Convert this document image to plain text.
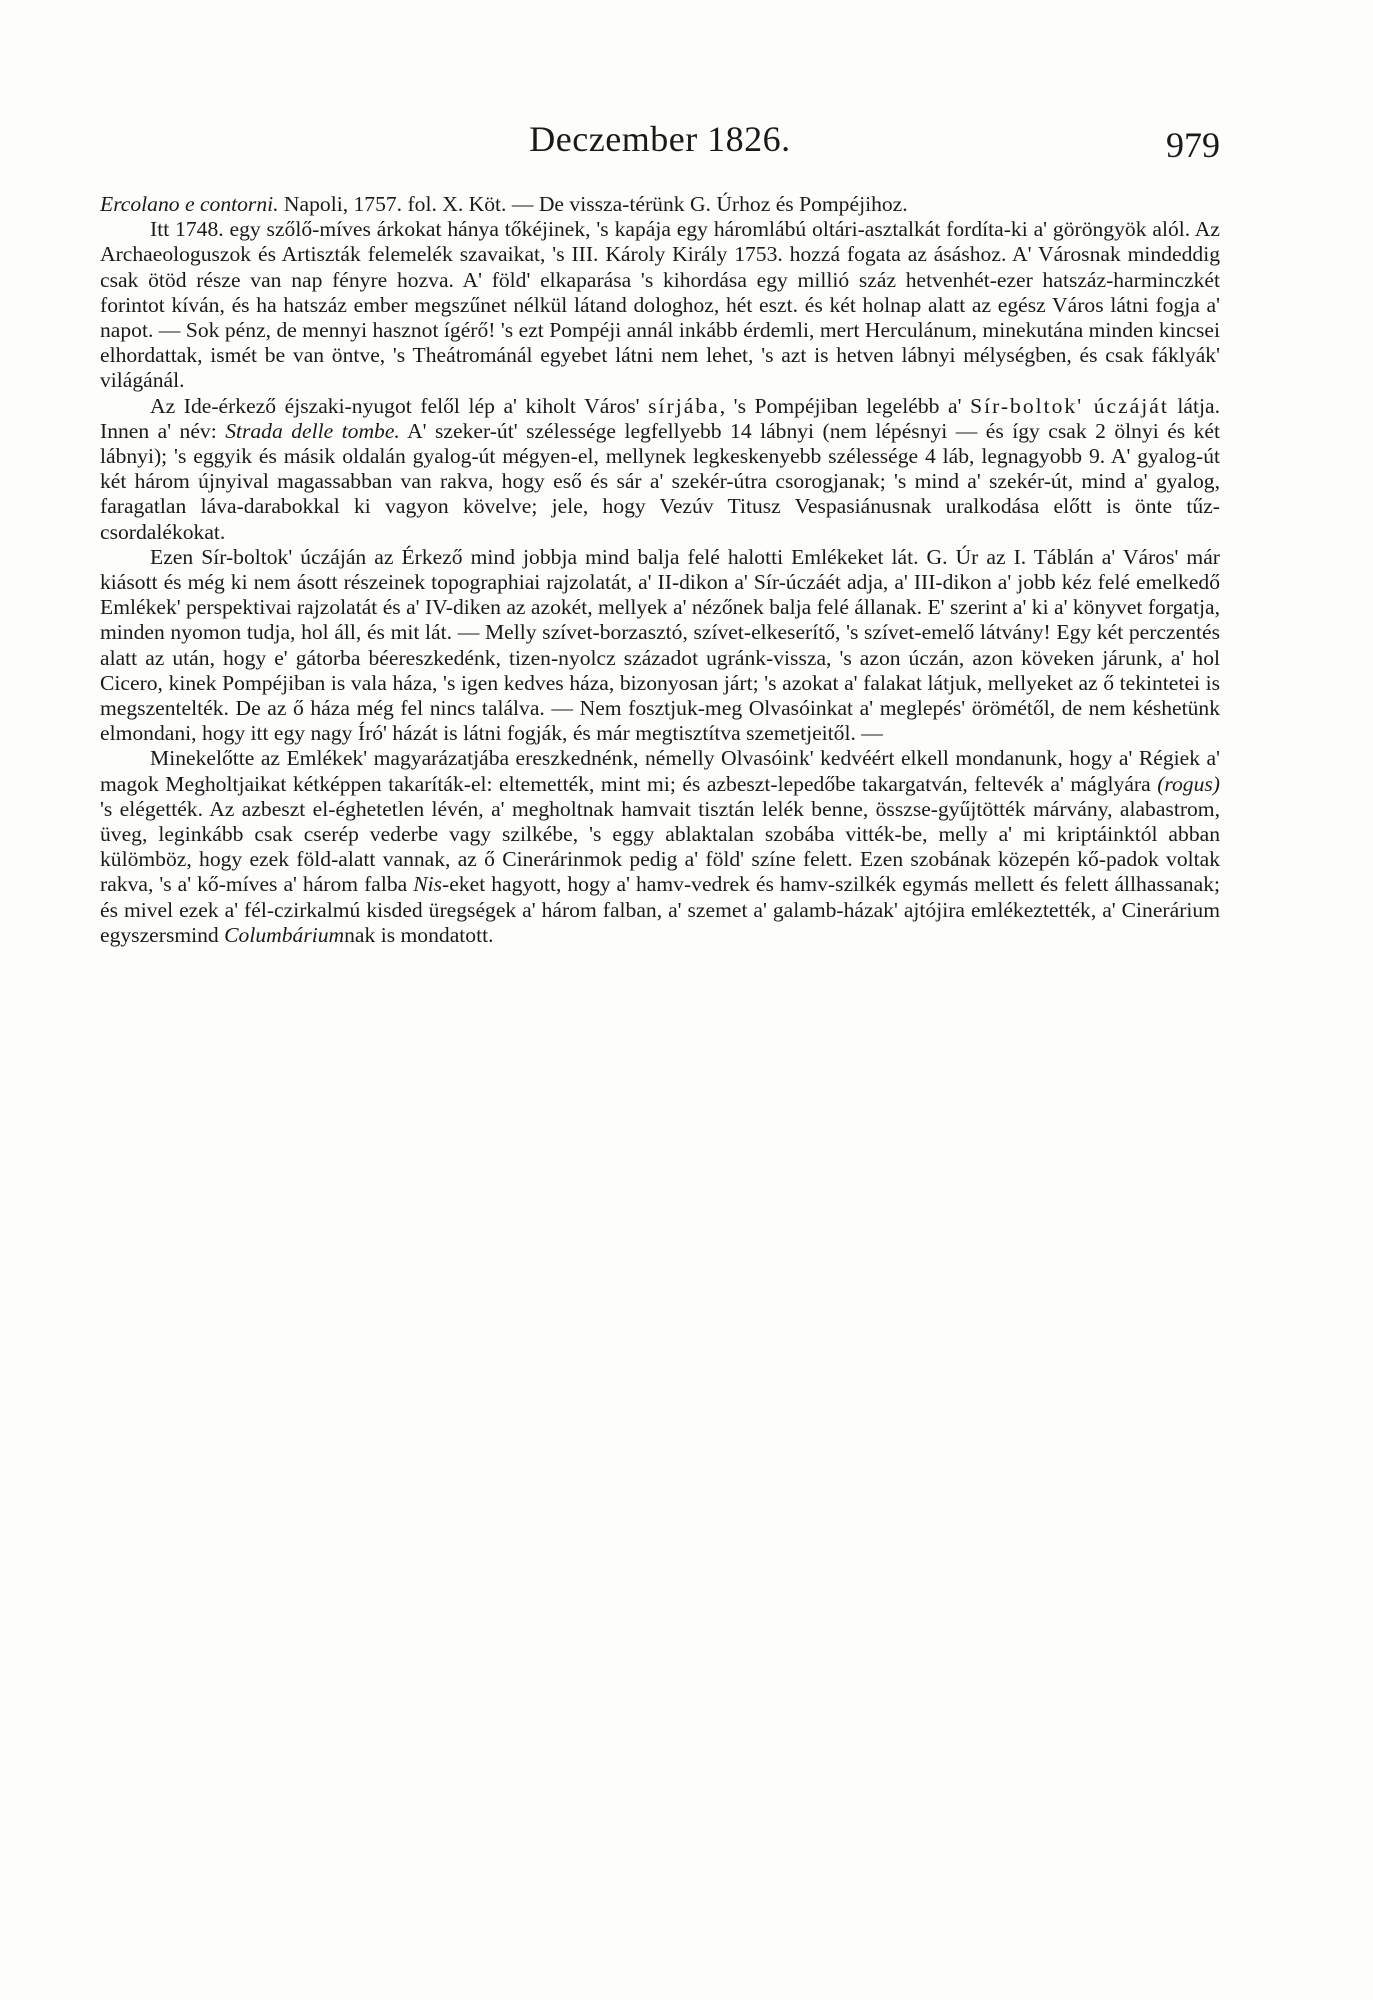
Deczember 1826.	979

Ercolano e contorni. Napoli, 1757. fol. X. Köt. — De vissza-térünk G. Úrhoz és Pompéjihoz.

Itt 1748. egy szőlő-míves árkokat hánya tőkéjinek, 's kapája egy háromlábú oltári-asztalkát fordíta-ki a' göröngyök alól. Az Archaeologuszok és Artiszták felemelék szavaikat, 's III. Károly Király 1753. hozzá fogata az ásáshoz. A' Városnak mindeddig csak ötöd része van nap fényre hozva. A' föld' elkaparása 's kihordása egy millió száz hetvenhét-ezer hatszáz-harminczkét forintot kíván, és ha hatszáz ember megszűnet nélkül látand dologhoz, hét eszt. és két holnap alatt az egész Város látni fogja a' napot. — Sok pénz, de mennyi hasznot ígérő! 's ezt Pompéji annál inkább érdemli, mert Herculánum, minekutána minden kincsei elhordattak, ismét be van öntve, 's Theátrománál egyebet látni nem lehet, 's azt is hetven lábnyi mélységben, és csak fáklyák' világánál.

Az Ide-érkező éjszaki-nyugot felől lép a' kiholt Város' sírjába, 's Pompéjiban legelébb a' Sír-boltok' úczáját látja. Innen a' név: Strada delle tombe. A' szeker-út' szélessége legfellyebb 14 lábnyi (nem lépésnyi — és így csak 2 ölnyi és két lábnyi); 's eggyik és másik oldalán gyalog-út mégyen-el, mellynek legkeskenyebb szélessége 4 láb, legnagyobb 9. A' gyalog-út két három újnyival magassabban van rakva, hogy eső és sár a' szekér-útra csorogjanak; 's mind a' szekér-út, mind a' gyalog, faragatlan láva-darabokkal ki vagyon kövelve; jele, hogy Vezúv Titusz Vespasiánusnak uralkodása előtt is önte tűz-csordalékokat.

Ezen Sír-boltok' úczáján az Érkező mind jobbja mind balja felé halotti Emlékeket lát. G. Úr az I. Táblán a' Város' már kiásott és még ki nem ásott részeinek topographiai rajzolatát, a' II-dikon a' Sír-úczáét adja, a' III-dikon a' jobb kéz felé emelkedő Emlékek' perspektivai rajzolatát és a' IV-diken az azokét, mellyek a' nézőnek balja felé állanak. E' szerint a' ki a' könyvet forgatja, minden nyomon tudja, hol áll, és mit lát. — Melly szívet-borzasztó, szívet-elkeserítő, 's szívet-emelő látvány! Egy két perczentés alatt az után, hogy e' gátorba béereszkedénk, tizen-nyolcz századot ugránk-vissza, 's azon úczán, azon köveken járunk, a' hol Cicero, kinek Pompéjiban is vala háza, 's igen kedves háza, bizonyosan járt; 's azokat a' falakat látjuk, mellyeket az ő tekintetei is megszentelték. De az ő háza még fel nincs találva. — Nem fosztjuk-meg Olvasóinkat a' meglepés' örömétől, de nem késhetünk elmondani, hogy itt egy nagy Író' házát is látni fogják, és már megtisztítva szemetjeitől. —

Minekelőtte az Emlékek' magyarázatjába ereszkednénk, némelly Olvasóink' kedvéért elkell mondanunk, hogy a' Régiek a' magok Megholtjaikat kétképpen takaríták-el: eltemették, mint mi; és azbeszt-lepedőbe takargatván, feltevék a' máglyára (rogus) 's elégették. Az azbeszt el-éghetetlen lévén, a' megholtnak hamvait tisztán lelék benne, összse-gyűjtötték márvány, alabastrom, üveg, leginkább csak cserép vederbe vagy szilkébe, 's eggy ablaktalan szobába vitték-be, melly a' mi kriptáinktól abban külömböz, hogy ezek föld-alatt vannak, az ő Cinerárinmok pedig a' föld' színe felett. Ezen szobának közepén kő-padok voltak rakva, 's a' kő-míves a' három falba Nis-eket hagyott, hogy a' hamv-vedrek és hamv-szilkék egymás mellett és felett állhassanak; és mivel ezek a' fél-czirkalmú kisded üregségek a' három falban, a' szemet a' galamb-házak' ajtójira emlékeztették, a' Cinerárium egyszersmind Columbáriumnak is mondatott.
